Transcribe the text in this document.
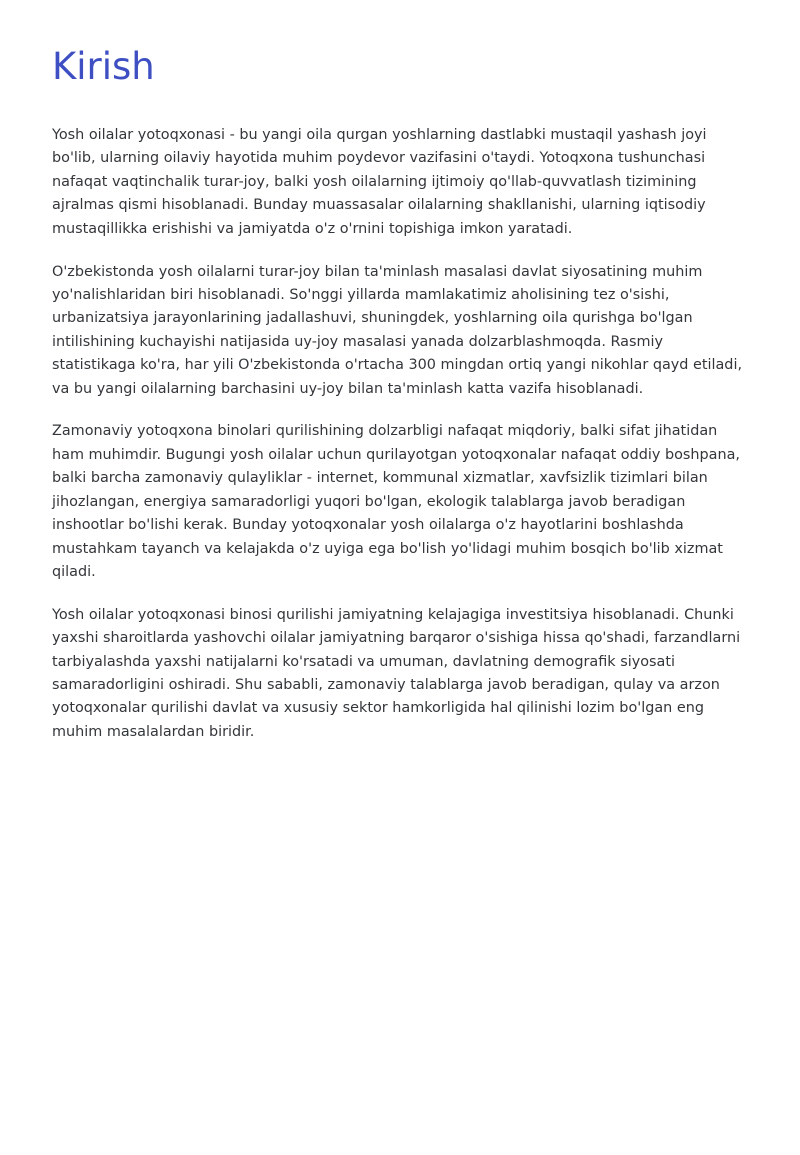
Kirish

Yosh oilalar yotoqxonasi - bu yangi oila qurgan yoshlarning dastlabki mustaqil yashash joyi bo'lib, ularning oilaviy hayotida muhim poydevor vazifasini o'taydi. Yotoqxona tushunchasi nafaqat vaqtinchalik turar-joy, balki yosh oilalarning ijtimoiy qo'llab-quvvatlash tizimining ajralmas qismi hisoblanadi. Bunday muassasalar oilalarning shakllanishi, ularning iqtisodiy mustaqillikka erishishi va jamiyatda o'z o'rnini topishiga imkon yaratadi.

O'zbekistonda yosh oilalarni turar-joy bilan ta'minlash masalasi davlat siyosatining muhim yo'nalishlaridan biri hisoblanadi. So'nggi yillarda mamlakatimiz aholisining tez o'sishi, urbanizatsiya jarayonlarining jadallashuvi, shuningdek, yoshlarning oila qurishga bo'lgan intilishining kuchayishi natijasida uy-joy masalasi yanada dolzarblashmoqda. Rasmiy statistikaga ko'ra, har yili O'zbekistonda o'rtacha 300 mingdan ortiq yangi nikohlar qayd etiladi, va bu yangi oilalarning barchasini uy-joy bilan ta'minlash katta vazifa hisoblanadi.

Zamonaviy yotoqxona binolari qurilishining dolzarbligi nafaqat miqdoriy, balki sifat jihatidan ham muhimdir. Bugungi yosh oilalar uchun qurilayotgan yotoqxonalar nafaqat oddiy boshpana, balki barcha zamonaviy qulayliklar - internet, kommunal xizmatlar, xavfsizlik tizimlari bilan jihozlangan, energiya samaradorligi yuqori bo'lgan, ekologik talablarga javob beradigan inshootlar bo'lishi kerak. Bunday yotoqxonalar yosh oilalarga o'z hayotlarini boshlashda mustahkam tayanch va kelajakda o'z uyiga ega bo'lish yo'lidagi muhim bosqich bo'lib xizmat qiladi.

Yosh oilalar yotoqxonasi binosi qurilishi jamiyatning kelajagiga investitsiya hisoblanadi. Chunki yaxshi sharoitlarda yashovchi oilalar jamiyatning barqaror o'sishiga hissa qo'shadi, farzandlarni tarbiyalashda yaxshi natijalarni ko'rsatadi va umuman, davlatning demografik siyosati samaradorligini oshiradi. Shu sababli, zamonaviy talablarga javob beradigan, qulay va arzon yotoqxonalar qurilishi davlat va xususiy sektor hamkorligida hal qilinishi lozim bo'lgan eng muhim masalalardan biridir.
